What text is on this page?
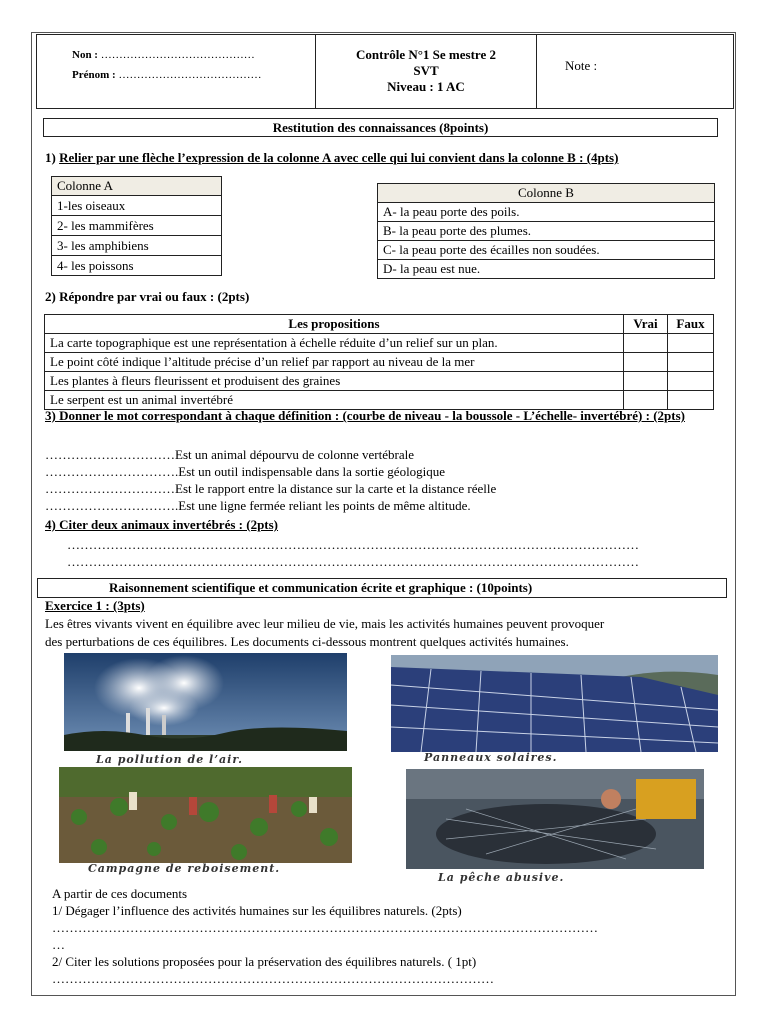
Non : ……………………………………
Prénom : …………………………………

Contrôle N°1 Se mestre 2
SVT
Niveau : 1 AC
	Note :
Restitution des connaissances (8points)
1) Relier par une flèche l’expression de la colonne A avec celle qui lui convient dans la colonne B : (4pts)
Colonne A
1-les oiseaux
2- les mammifères
3- les amphibiens
4- les poissons
Colonne B
A- la peau porte des poils.
B- la peau porte des plumes.
C- la peau porte des écailles non soudées.
D- la peau est nue.
2) Répondre par vrai ou faux : (2pts)
Les propositions	Vrai	Faux
La carte topographique est une représentation à échelle réduite d’un relief sur un plan.		
Le point côté indique l’altitude précise d’un relief par rapport au niveau de la mer		
Les plantes à fleurs fleurissent et produisent des graines		
Le serpent est un animal invertébré		
3) Donner le mot correspondant à chaque définition : (courbe de niveau - la boussole - L’échelle- invertébré) : (2pts)
…………………………Est un animal dépourvu de colonne vertébrale
………………………….Est un outil indispensable dans la sortie géologique
…………………………Est le rapport entre la distance sur la carte et la distance réelle
………………………….Est une ligne fermée reliant les points de même altitude.
4) Citer deux animaux invertébrés : (2pts)
……………………………………………………………………………………………………………………
……………………………………………………………………………………………………………………
Raisonnement scientifique et communication écrite et graphique : (10points)
Exercice 1 : (3pts)
Les êtres vivants vivent en équilibre avec leur milieu de vie, mais les activités humaines peuvent provoquer
des perturbations de ces équilibres. Les documents ci-dessous montrent quelques activités humaines.
La pollution de l’air.	Panneaux solaires.
Campagne de reboisement.
La pêche abusive.
A partir de ces documents
1/ Dégager l’influence des activités humaines sur les équilibres naturels. (2pts)
………………………………………………………………………………………………………………
…
2/ Citer les solutions proposées pour la préservation des équilibres naturels. ( 1pt)
…………………………………………………………………………………………
